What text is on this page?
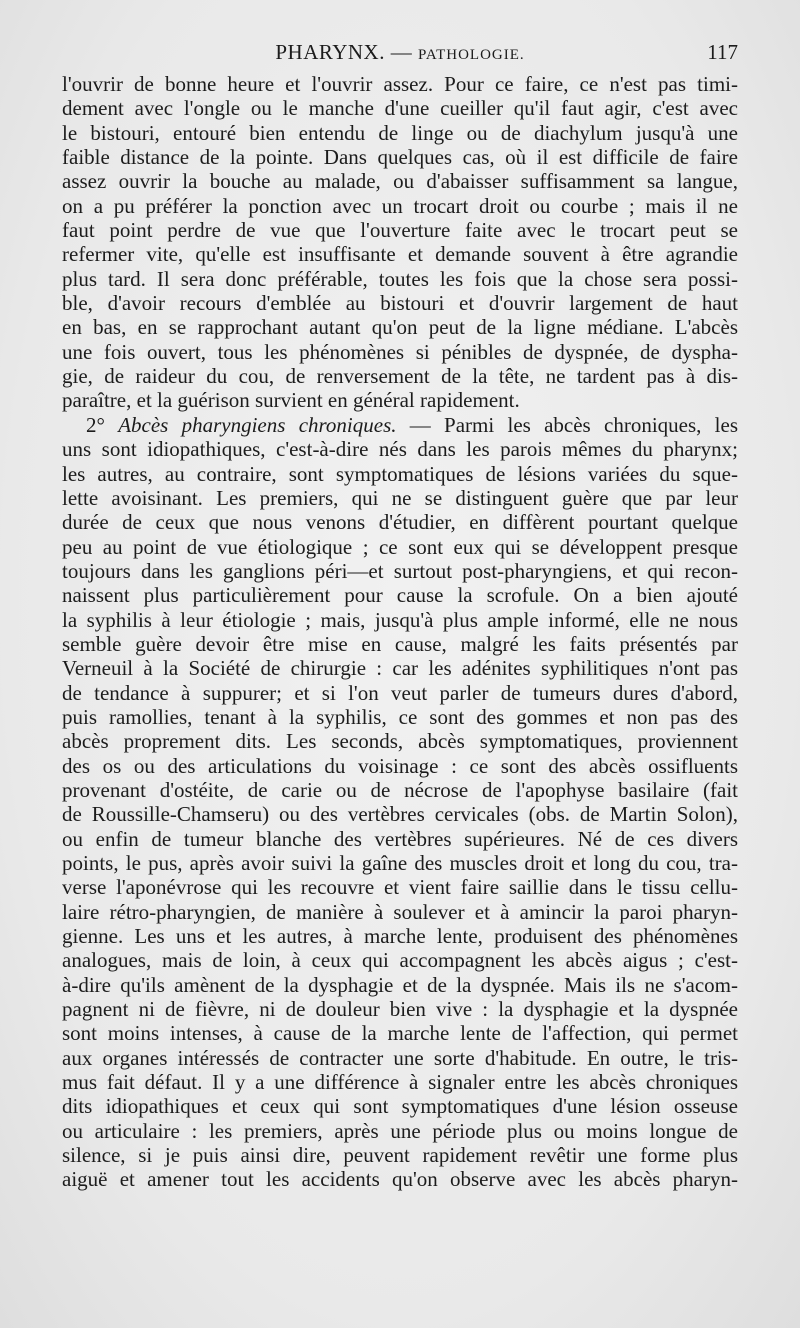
PHARYNX. — PATHOLOGIE.	117
l'ouvrir de bonne heure et l'ouvrir assez. Pour ce faire, ce n'est pas timi-
dement avec l'ongle ou le manche d'une cueiller qu'il faut agir, c'est avec
le bistouri, entouré bien entendu de linge ou de diachylum jusqu'à une
faible distance de la pointe. Dans quelques cas, où il est difficile de faire
assez ouvrir la bouche au malade, ou d'abaisser suffisamment sa langue,
on a pu préférer la ponction avec un trocart droit ou courbe ; mais il ne
faut point perdre de vue que l'ouverture faite avec le trocart peut se
refermer vite, qu'elle est insuffisante et demande souvent à être agrandie
plus tard. Il sera donc préférable, toutes les fois que la chose sera possi-
ble, d'avoir recours d'emblée au bistouri et d'ouvrir largement de haut
en bas, en se rapprochant autant qu'on peut de la ligne médiane. L'abcès
une fois ouvert, tous les phénomènes si pénibles de dyspnée, de dyspha-
gie, de raideur du cou, de renversement de la tête, ne tardent pas à dis-
paraître, et la guérison survient en général rapidement.
2° Abcès pharyngiens chroniques. — Parmi les abcès chroniques, les
uns sont idiopathiques, c'est-à-dire nés dans les parois mêmes du pharynx;
les autres, au contraire, sont symptomatiques de lésions variées du sque-
lette avoisinant. Les premiers, qui ne se distinguent guère que par leur
durée de ceux que nous venons d'étudier, en diffèrent pourtant quelque
peu au point de vue étiologique ; ce sont eux qui se développent presque
toujours dans les ganglions péri—et surtout post-pharyngiens, et qui recon-
naissent plus particulièrement pour cause la scrofule. On a bien ajouté
la syphilis à leur étiologie ; mais, jusqu'à plus ample informé, elle ne nous
semble guère devoir être mise en cause, malgré les faits présentés par
Verneuil à la Société de chirurgie : car les adénites syphilitiques n'ont pas
de tendance à suppurer; et si l'on veut parler de tumeurs dures d'abord,
puis ramollies, tenant à la syphilis, ce sont des gommes et non pas des
abcès proprement dits. Les seconds, abcès symptomatiques, proviennent
des os ou des articulations du voisinage : ce sont des abcès ossifluents
provenant d'ostéite, de carie ou de nécrose de l'apophyse basilaire (fait
de Roussille-Chamseru) ou des vertèbres cervicales (obs. de Martin Solon),
ou enfin de tumeur blanche des vertèbres supérieures. Né de ces divers
points, le pus, après avoir suivi la gaîne des muscles droit et long du cou, tra-
verse l'aponévrose qui les recouvre et vient faire saillie dans le tissu cellu-
laire rétro-pharyngien, de manière à soulever et à amincir la paroi pharyn-
gienne. Les uns et les autres, à marche lente, produisent des phénomènes
analogues, mais de loin, à ceux qui accompagnent les abcès aigus ; c'est-
à-dire qu'ils amènent de la dysphagie et de la dyspnée. Mais ils ne s'acom-
pagnent ni de fièvre, ni de douleur bien vive : la dysphagie et la dyspnée
sont moins intenses, à cause de la marche lente de l'affection, qui permet
aux organes intéressés de contracter une sorte d'habitude. En outre, le tris-
mus fait défaut. Il y a une différence à signaler entre les abcès chroniques
dits idiopathiques et ceux qui sont symptomatiques d'une lésion osseuse
ou articulaire : les premiers, après une période plus ou moins longue de
silence, si je puis ainsi dire, peuvent rapidement revêtir une forme plus
aiguë et amener tout les accidents qu'on observe avec les abcès pharyn-
